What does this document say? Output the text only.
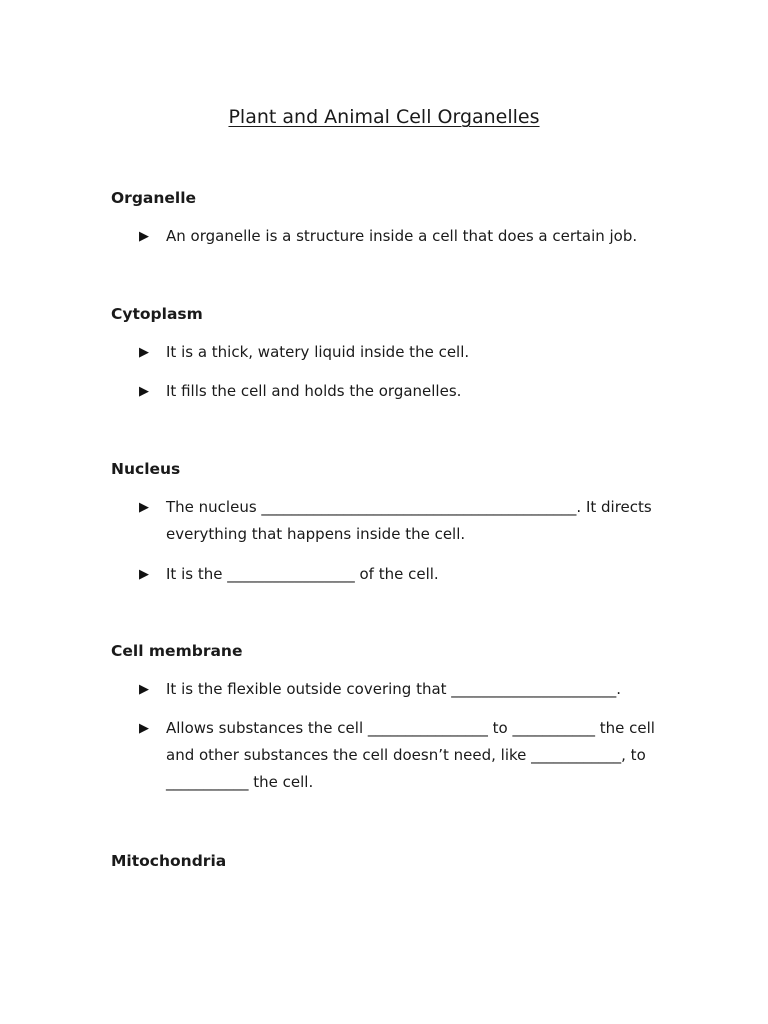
Plant and Animal Cell Organelles
Organelle
▶ An organelle is a structure inside a cell that does a certain job.
Cytoplasm
▶ It is a thick, watery liquid inside the cell.
▶ It fills the cell and holds the organelles.
Nucleus
▶ The nucleus __________________________________________. It directs everything that happens inside the cell.
▶ It is the _________________ of the cell.
Cell membrane
▶ It is the flexible outside covering that ______________________.
▶ Allows substances the cell ________________ to ___________ the cell and other substances the cell doesn’t need, like ____________, to ___________ the cell.
Mitochondria
